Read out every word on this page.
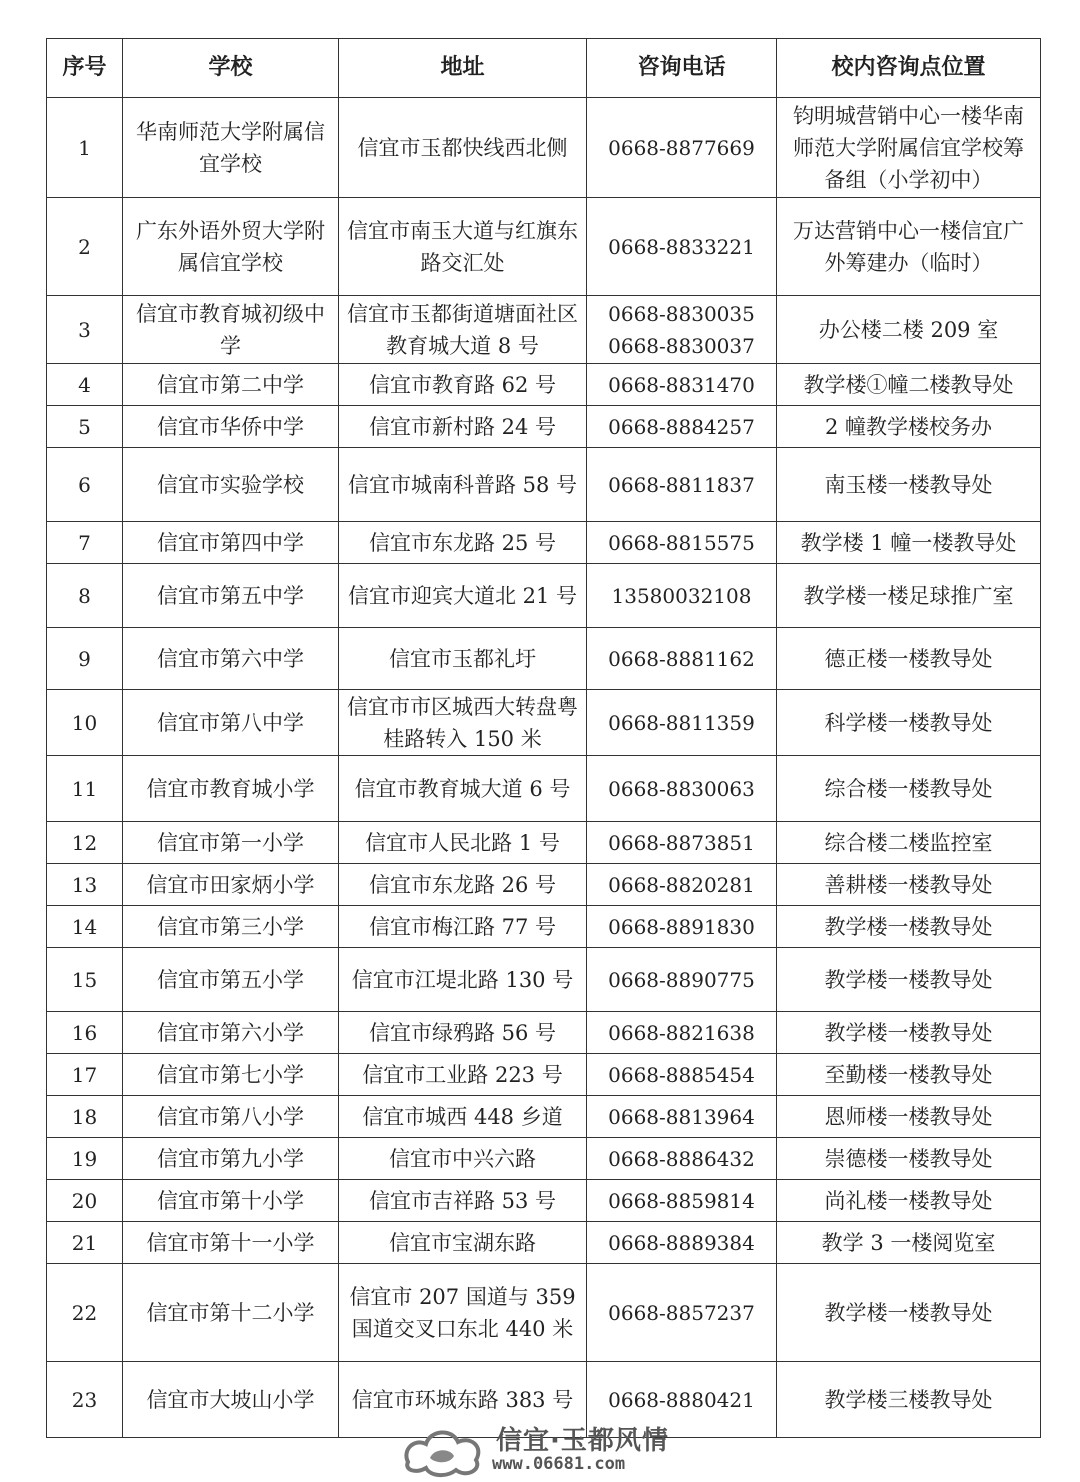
序号	学校	地址	咨询电话	校内咨询点位置
1	华南师范大学附属信宜学校	信宜市玉都快线西北侧	0668-8877669	钧明城营销中心一楼华南师范大学附属信宜学校筹备组（小学初中）
2	广东外语外贸大学附属信宜学校	信宜市南玉大道与红旗东路交汇处	0668-8833221	万达营销中心一楼信宜广外筹建办（临时）
3	信宜市教育城初级中学	信宜市玉都街道塘面社区教育城大道 8 号	0668-8830035 0668-8830037	办公楼二楼 209 室
4	信宜市第二中学	信宜市教育路 62 号	0668-8831470	教学楼①幢二楼教导处
5	信宜市华侨中学	信宜市新村路 24 号	0668-8884257	2 幢教学楼校务办
6	信宜市实验学校	信宜市城南科普路 58 号	0668-8811837	南玉楼一楼教导处
7	信宜市第四中学	信宜市东龙路 25 号	0668-8815575	教学楼 1 幢一楼教导处
8	信宜市第五中学	信宜市迎宾大道北 21 号	13580032108	教学楼一楼足球推广室
9	信宜市第六中学	信宜市玉都礼圩	0668-8881162	德正楼一楼教导处
10	信宜市第八中学	信宜市市区城西大转盘粤桂路转入 150 米	0668-8811359	科学楼一楼教导处
11	信宜市教育城小学	信宜市教育城大道 6 号	0668-8830063	综合楼一楼教导处
12	信宜市第一小学	信宜市人民北路 1 号	0668-8873851	综合楼二楼监控室
13	信宜市田家炳小学	信宜市东龙路 26 号	0668-8820281	善耕楼一楼教导处
14	信宜市第三小学	信宜市梅江路 77 号	0668-8891830	教学楼一楼教导处
15	信宜市第五小学	信宜市江堤北路 130 号	0668-8890775	教学楼一楼教导处
16	信宜市第六小学	信宜市绿鸦路 56 号	0668-8821638	教学楼一楼教导处
17	信宜市第七小学	信宜市工业路 223 号	0668-8885454	至勤楼一楼教导处
18	信宜市第八小学	信宜市城西 448 乡道	0668-8813964	恩师楼一楼教导处
19	信宜市第九小学	信宜市中兴六路	0668-8886432	崇德楼一楼教导处
20	信宜市第十小学	信宜市吉祥路 53 号	0668-8859814	尚礼楼一楼教导处
21	信宜市第十一小学	信宜市宝湖东路	0668-8889384	教学 3 一楼阅览室
22	信宜市第十二小学	信宜市 207 国道与 359 国道交叉口东北 440 米	0668-8857237	教学楼一楼教导处
23	信宜市大坡山小学	信宜市环城东路 383 号	0668-8880421	教学楼三楼教导处
信宜·玉都风情
www.06681.com
